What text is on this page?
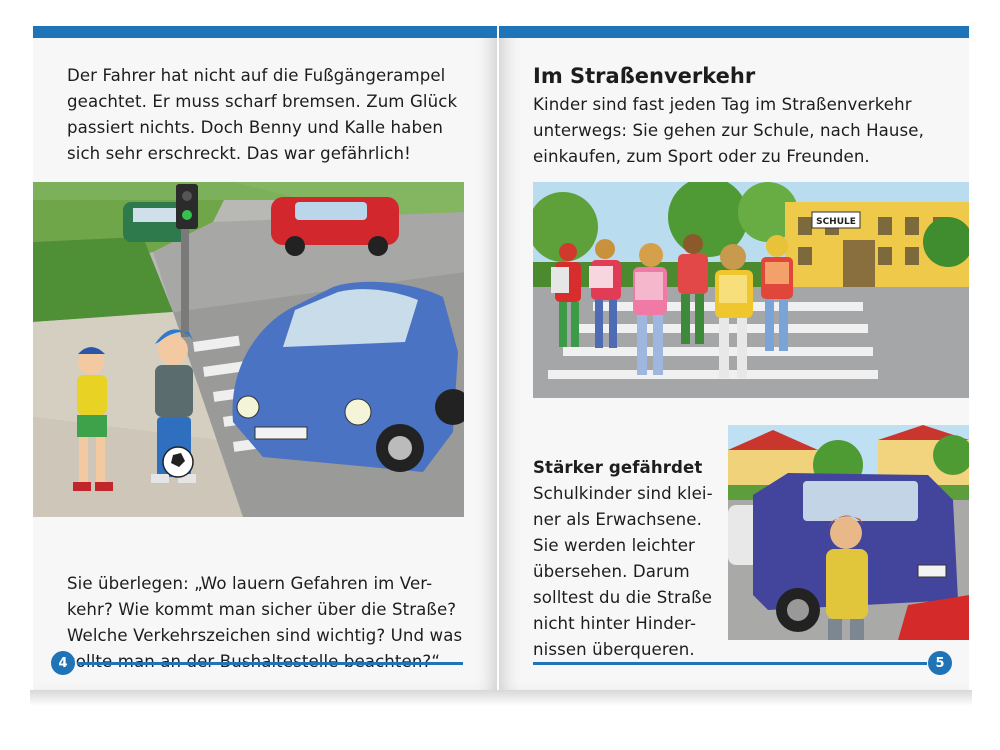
Der Fahrer hat nicht auf die Fußgängerampel
geachtet. Er muss scharf bremsen. Zum Glück
passiert nichts. Doch Benny und Kalle haben
sich sehr erschreckt. Das war gefährlich!
Sie überlegen: „Wo lauern Gefahren im Ver-
kehr? Wie kommt man sicher über die Straße?
Welche Verkehrszeichen sind wichtig? Und was
4
Im Straßenverkehr
Kinder sind fast jeden Tag im Straßenverkehr
unterwegs: Sie gehen zur Schule, nach Hause,
einkaufen, zum Sport oder zu Freunden.
SCHULE
Stärker gefährdet
Schulkinder sind klei-
ner als Erwachsene.
Sie werden leichter
übersehen. Darum
solltest du die Straße
nicht hinter Hinder-
nissen überqueren.
5
